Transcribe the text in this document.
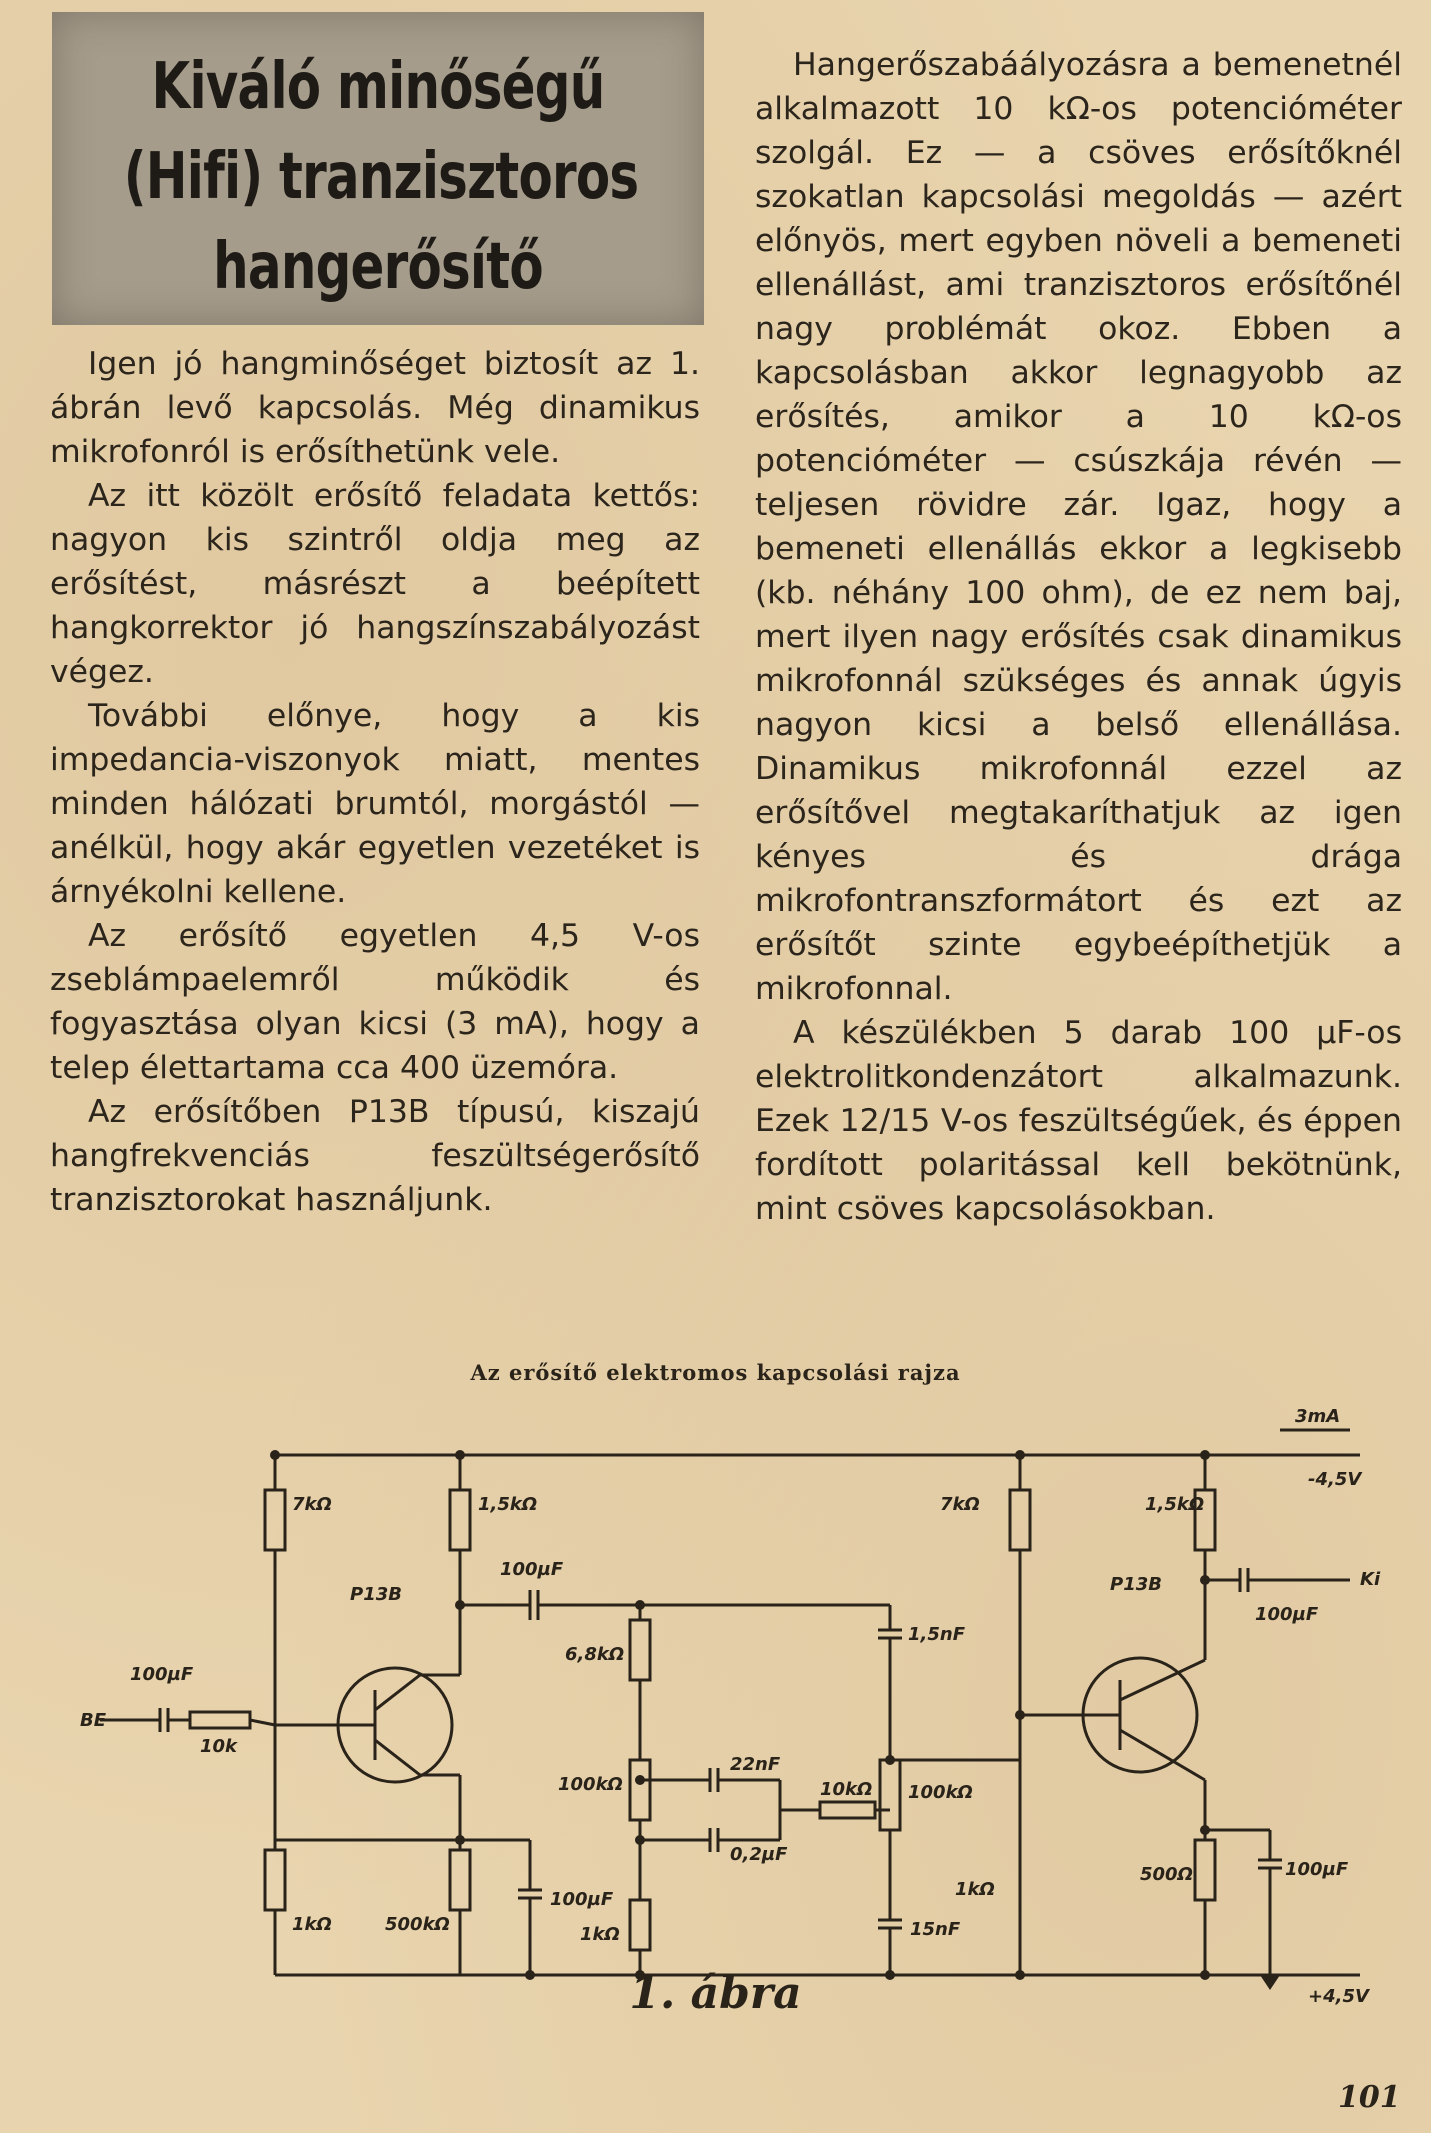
Kiváló minőségű
(Hifi) tranzisztoros
hangerősítő

Igen jó hangminőséget biztosít az 1. ábrán levő kapcsolás. Még dinamikus mikrofonról is erősíthetünk vele.

Az itt közölt erősítő feladata kettős: nagyon kis szintről oldja meg az erősítést, másrészt a beépített hangkorrektor jó hangszínszabályozást végez.

További előnye, hogy a kis impedancia-viszonyok miatt, mentes minden hálózati brumtól, morgástól — anélkül, hogy akár egyetlen vezetéket is árnyékolni kellene.

Az erősítő egyetlen 4,5 V-os zseblámpaelemről működik és fogyasztása olyan kicsi (3 mA), hogy a telep élettartama cca 400 üzemóra.

Az erősítőben P13B típusú, kiszajú hangfrekvenciás feszültségerősítő tranzisztorokat használjunk.

Hangerőszabáályozásra a bemenetnél alkalmazott 10 kΩ-os potencióméter szolgál. Ez — a csöves erősítőknél szokatlan kapcsolási megoldás — azért előnyös, mert egyben növeli a bemeneti ellenállást, ami tranzisztoros erősítőnél nagy problémát okoz. Ebben a kapcsolásban akkor legnagyobb az erősítés, amikor a 10 kΩ-os potencióméter — csúszkája révén — teljesen rövidre zár. Igaz, hogy a bemeneti ellenállás ekkor a legkisebb (kb. néhány 100 ohm), de ez nem baj, mert ilyen nagy erősítés csak dinamikus mikrofonnál szükséges és annak úgyis nagyon kicsi a belső ellenállása. Dinamikus mikrofonnál ezzel az erősítővel megtakaríthatjuk az igen kényes és drága mikrofontranszformátort és ezt az erősítőt szinte egybeépíthetjük a mikrofonnal.

A készülékben 5 darab 100 µF-os elektrolitkondenzátort alkalmazunk. Ezek 12/15 V-os feszültségűek, és éppen fordított polaritással kell bekötnünk, mint csöves kapcsolásokban.

Az erősítő elektromos kapcsolási rajza
7kΩ	1,5kΩ	7kΩ	1,5kΩ
100µF
P13B	P13B
100µF
Ki
100µF
BE
10k
6,8kΩ
1,5nF
100kΩ
22nF
10kΩ 100kΩ
0,2µF
1kΩ	500kΩ
100µF
1kΩ
1kΩ
15nF
500Ω	100µF
3mA
-4,5V
+4,5V
1. ábra
101
